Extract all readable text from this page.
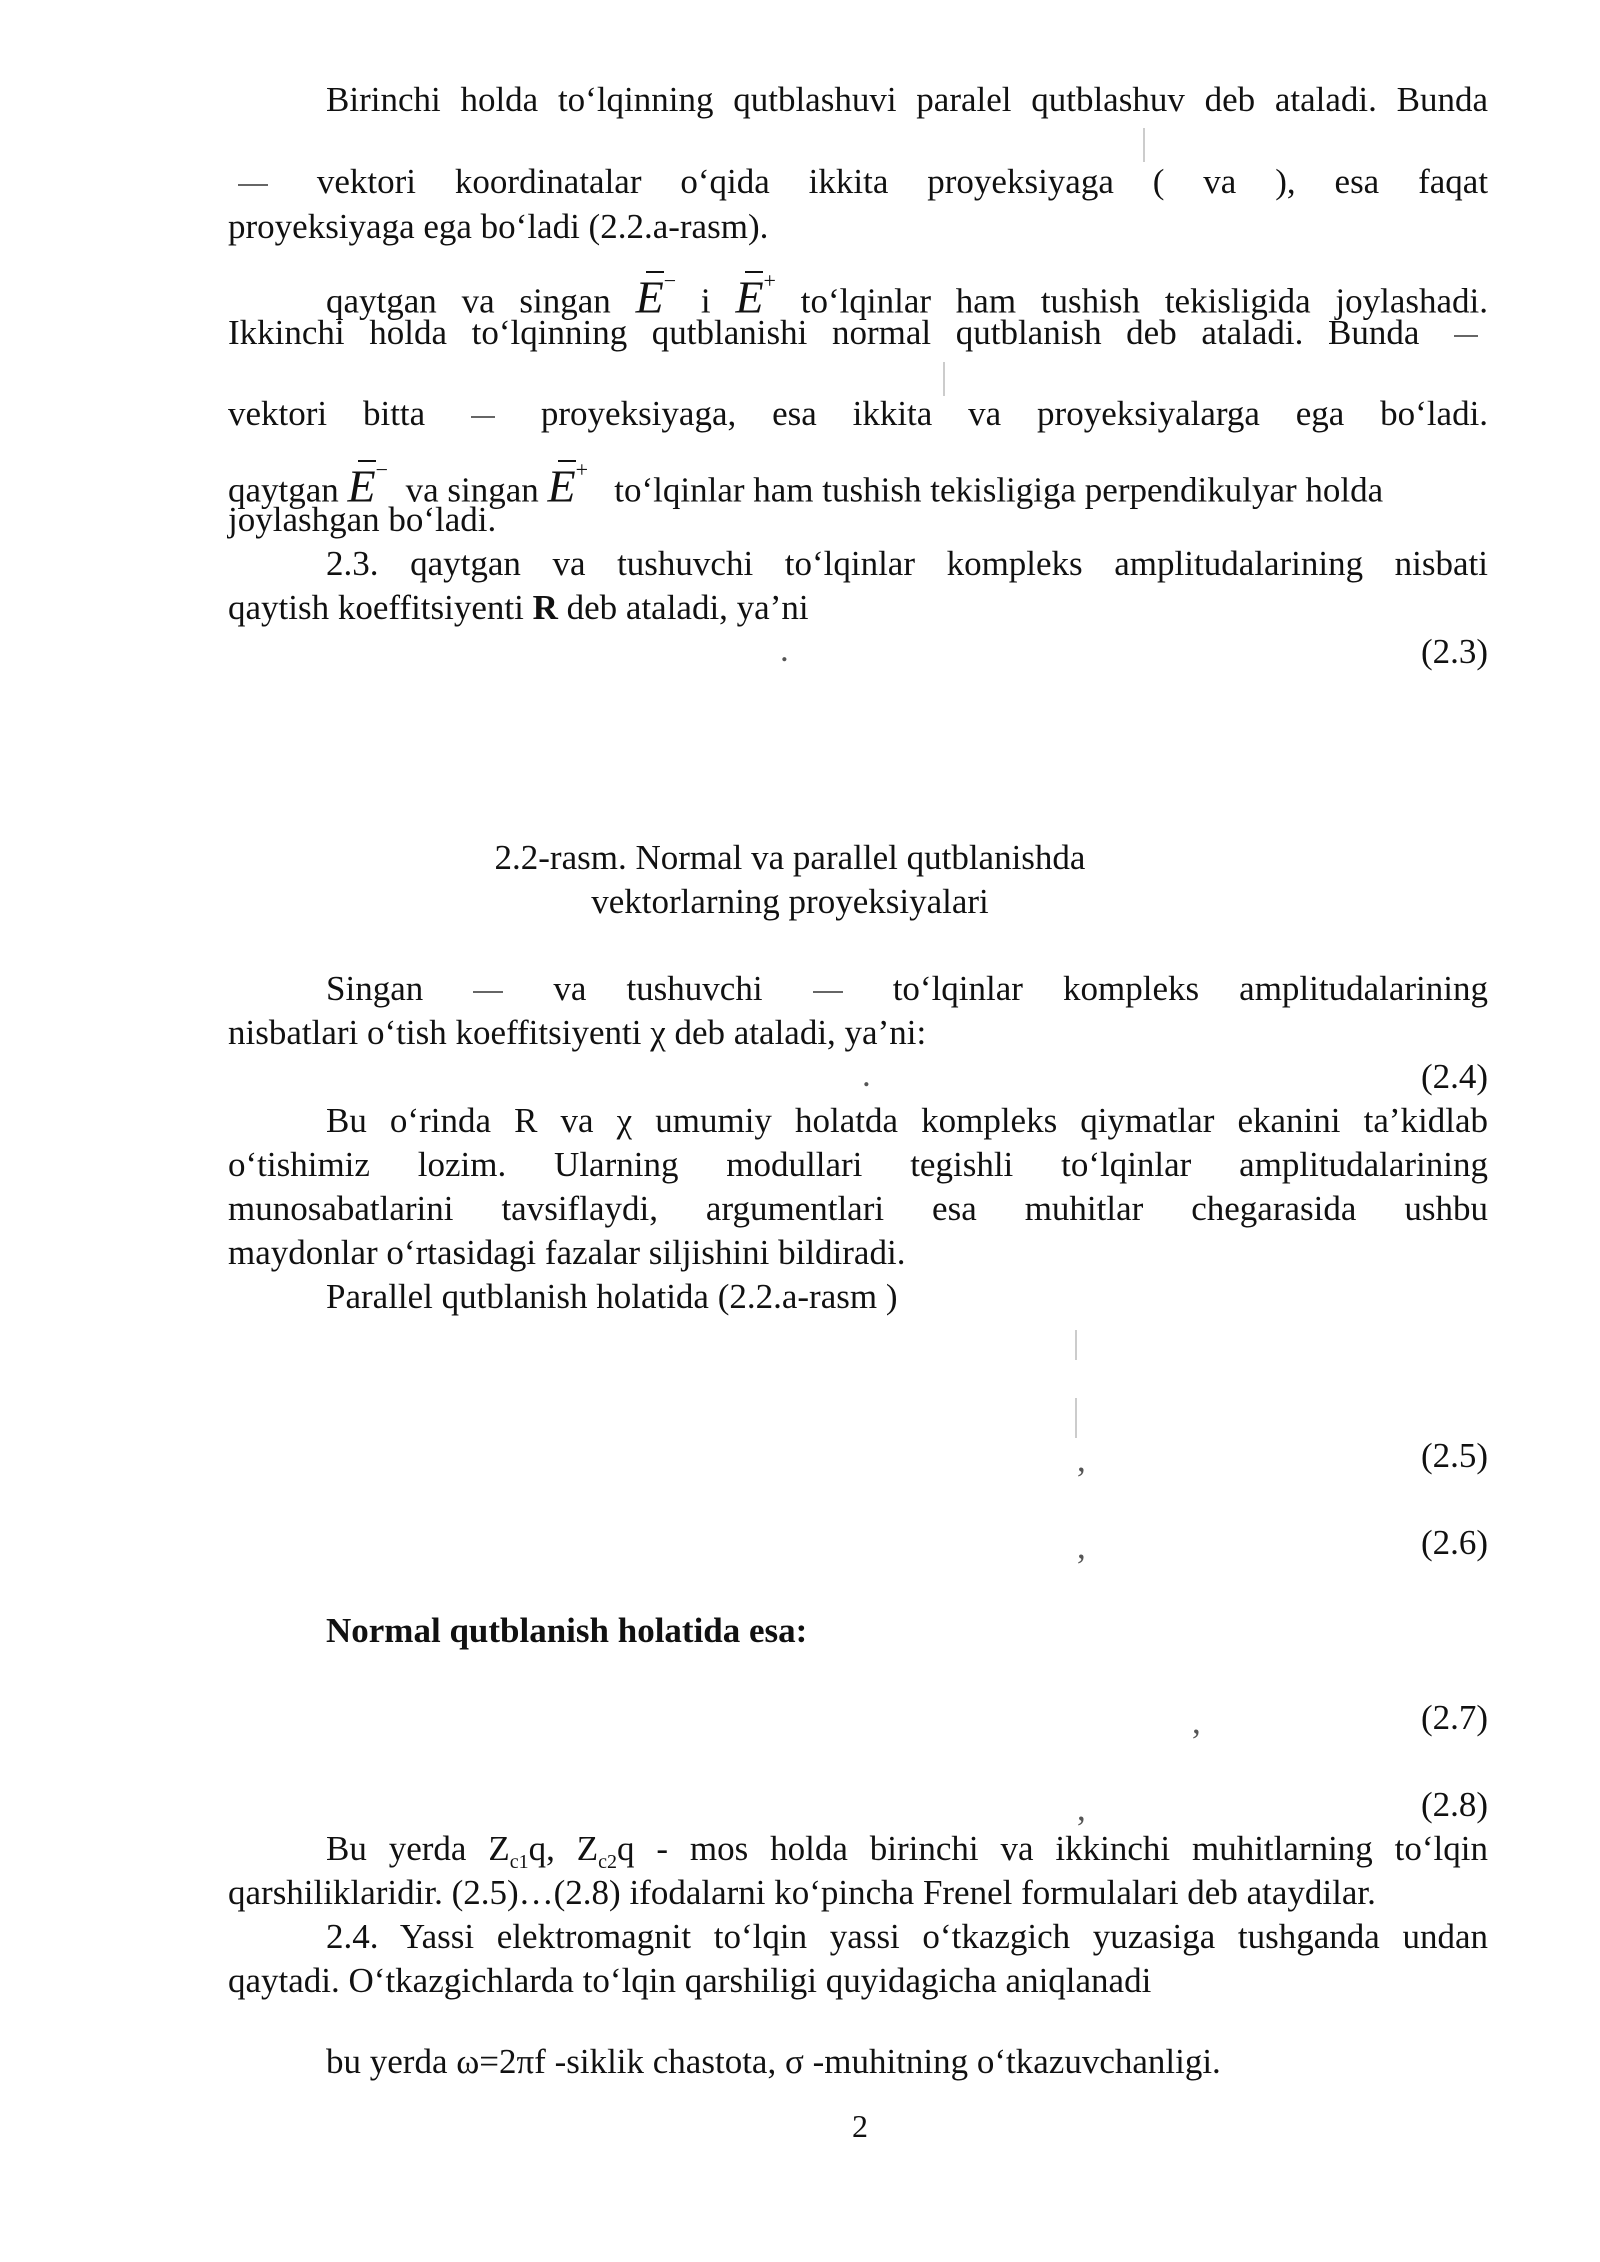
Birinchi holda to‘lqinning qutblashuvi paralel qutblashuv deb ataladi. Bunda
vektori koordinatalar o‘qida ikkita proyeksiyaga ( va ), esa faqat
proyeksiyaga ega bo‘ladi (2.2.a-rasm).
qaytgan va singan E− i E+ to‘lqinlar ham tushish tekisligida joylashadi.
Ikkinchi holda to‘lqinning qutblanishi normal qutblanish deb ataladi. Bunda
vektori bitta	proyeksiyaga, esa ikkita va proyeksiyalarga ega bo‘ladi.
qaytgan E−  va singan E+   to‘lqinlar ham tushish tekisligiga perpendikulyar holda
joylashgan bo‘ladi.
2.3. qaytgan va tushuvchi to‘lqinlar kompleks amplitudalarining nisbati
qaytish koeffitsiyenti R deb ataladi, ya’ni
.	(2.3)
2.2-rasm. Normal va parallel qutblanishda
vektorlarning proyeksiyalari
Singan	va tushuvchi	to‘lqinlar kompleks amplitudalarining
nisbatlari o‘tish koeffitsiyenti χ deb ataladi, ya’ni:
.	(2.4)
Bu o‘rinda R va χ umumiy holatda kompleks qiymatlar ekanini ta’kidlab
o‘tishimiz lozim. Ularning modullari tegishli to‘lqinlar amplitudalarining
munosabatlarini tavsiflaydi, argumentlari esa muhitlar chegarasida ushbu
maydonlar o‘rtasidagi fazalar siljishini bildiradi.
Parallel qutblanish holatida (2.2.a-rasm )
,	(2.5)
,	(2.6)
Normal qutblanish holatida esa:
,	(2.7)
,	(2.8)
Bu yerda $Z_{c1}q$, $Z_{c2}q$ - mos holda birinchi va ikkinchi muhitlarning to‘lqin
qarshiliklaridir. (2.5)…(2.8) ifodalarni ko‘pincha Frenel formulalari deb ataydilar.
2.4. Yassi elektromagnit to‘lqin yassi o‘tkazgich yuzasiga tushganda undan
qaytadi. O‘tkazgichlarda to‘lqin qarshiligi quyidagicha aniqlanadi
bu yerda ω=2πf -siklik chastota, σ -muhitning o‘tkazuvchanligi.
2
